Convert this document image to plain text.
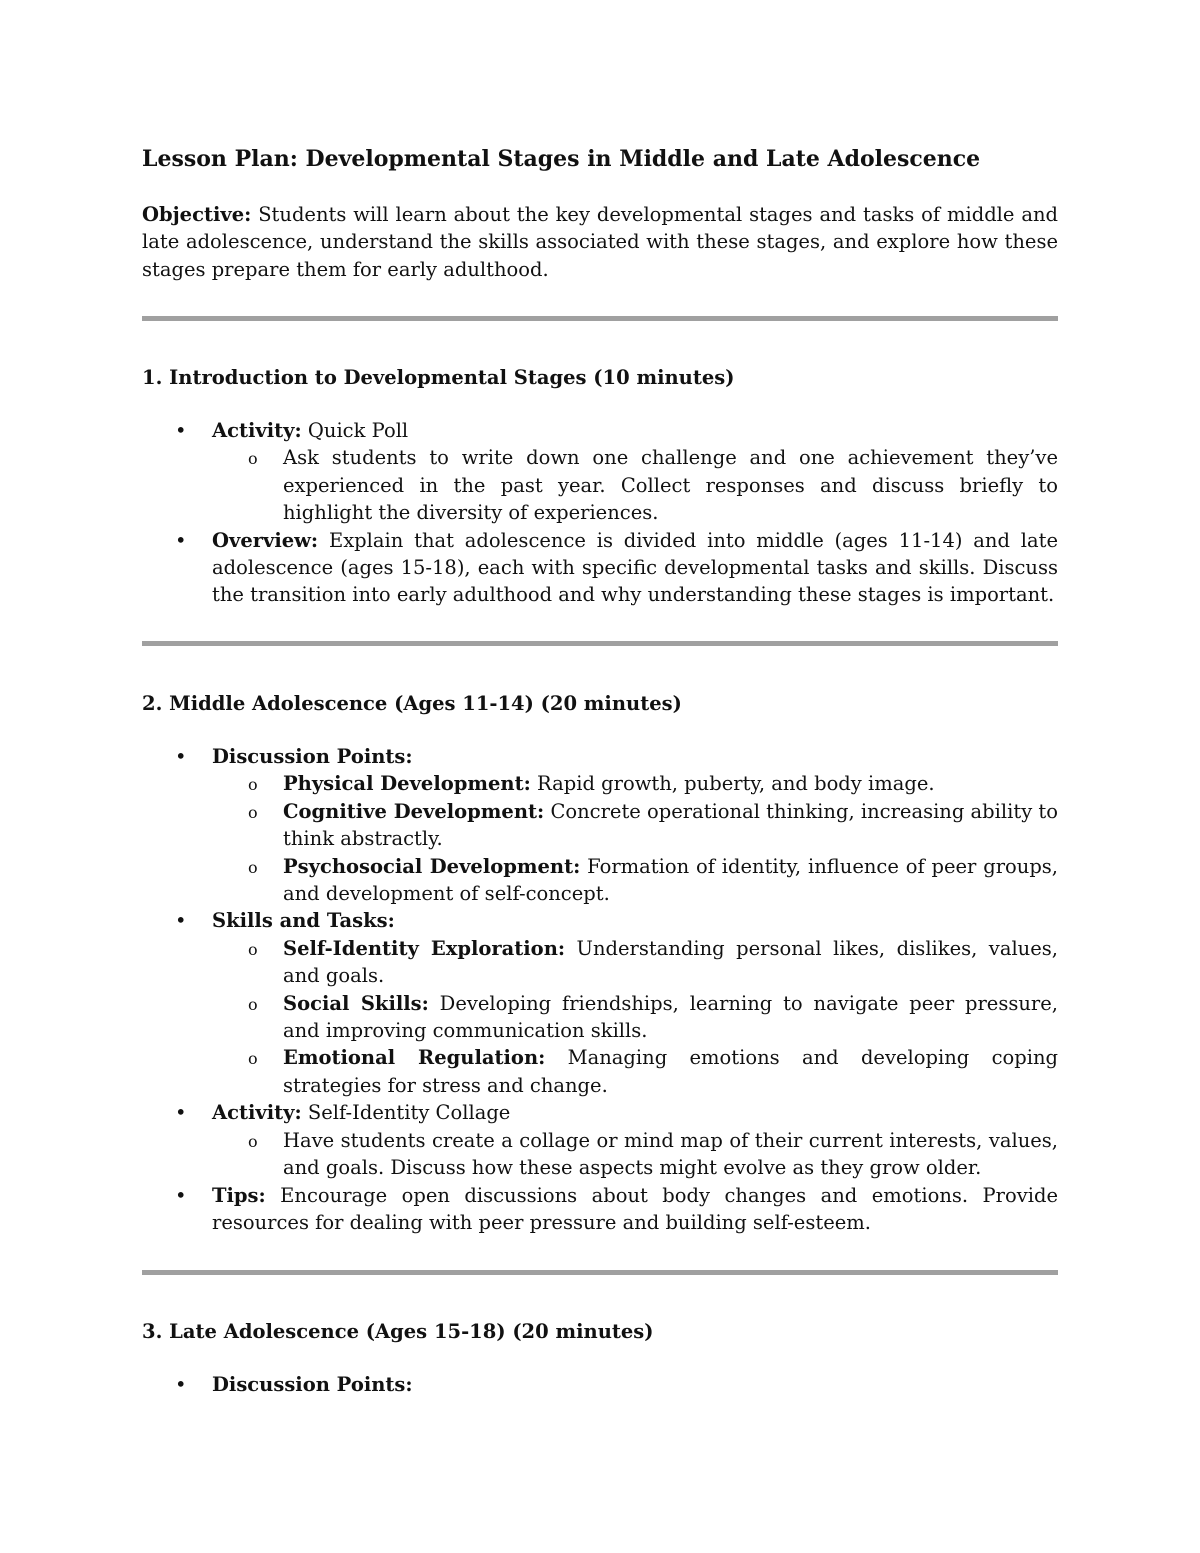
Lesson Plan: Developmental Stages in Middle and Late Adolescence

Objective: Students will learn about the key developmental stages and tasks of middle and late adolescence, understand the skills associated with these stages, and explore how these stages prepare them for early adulthood.

1. Introduction to Developmental Stages (10 minutes)
•	Activity: Quick Poll
o Ask students to write down one challenge and one achievement they’ve experienced in the past year. Collect responses and discuss briefly to highlight the diversity of experiences.
•	Overview: Explain that adolescence is divided into middle (ages 11-14) and late adolescence (ages 15-18), each with specific developmental tasks and skills. Discuss the transition into early adulthood and why understanding these stages is important.
2. Middle Adolescence (Ages 11-14) (20 minutes)
•	Discussion Points:
o Physical Development: Rapid growth, puberty, and body image.
o Cognitive Development: Concrete operational thinking, increasing ability to think abstractly.
o Psychosocial Development: Formation of identity, influence of peer groups, and development of self-concept.
•	Skills and Tasks:
o Self-Identity Exploration: Understanding personal likes, dislikes, values, and goals.
o Social Skills: Developing friendships, learning to navigate peer pressure, and improving communication skills.
o Emotional Regulation: Managing emotions and developing coping strategies for stress and change.
•	Activity: Self-Identity Collage
o Have students create a collage or mind map of their current interests, values, and goals. Discuss how these aspects might evolve as they grow older.
•	Tips: Encourage open discussions about body changes and emotions. Provide resources for dealing with peer pressure and building self-esteem.
3. Late Adolescence (Ages 15-18) (20 minutes)
•	Discussion Points:
